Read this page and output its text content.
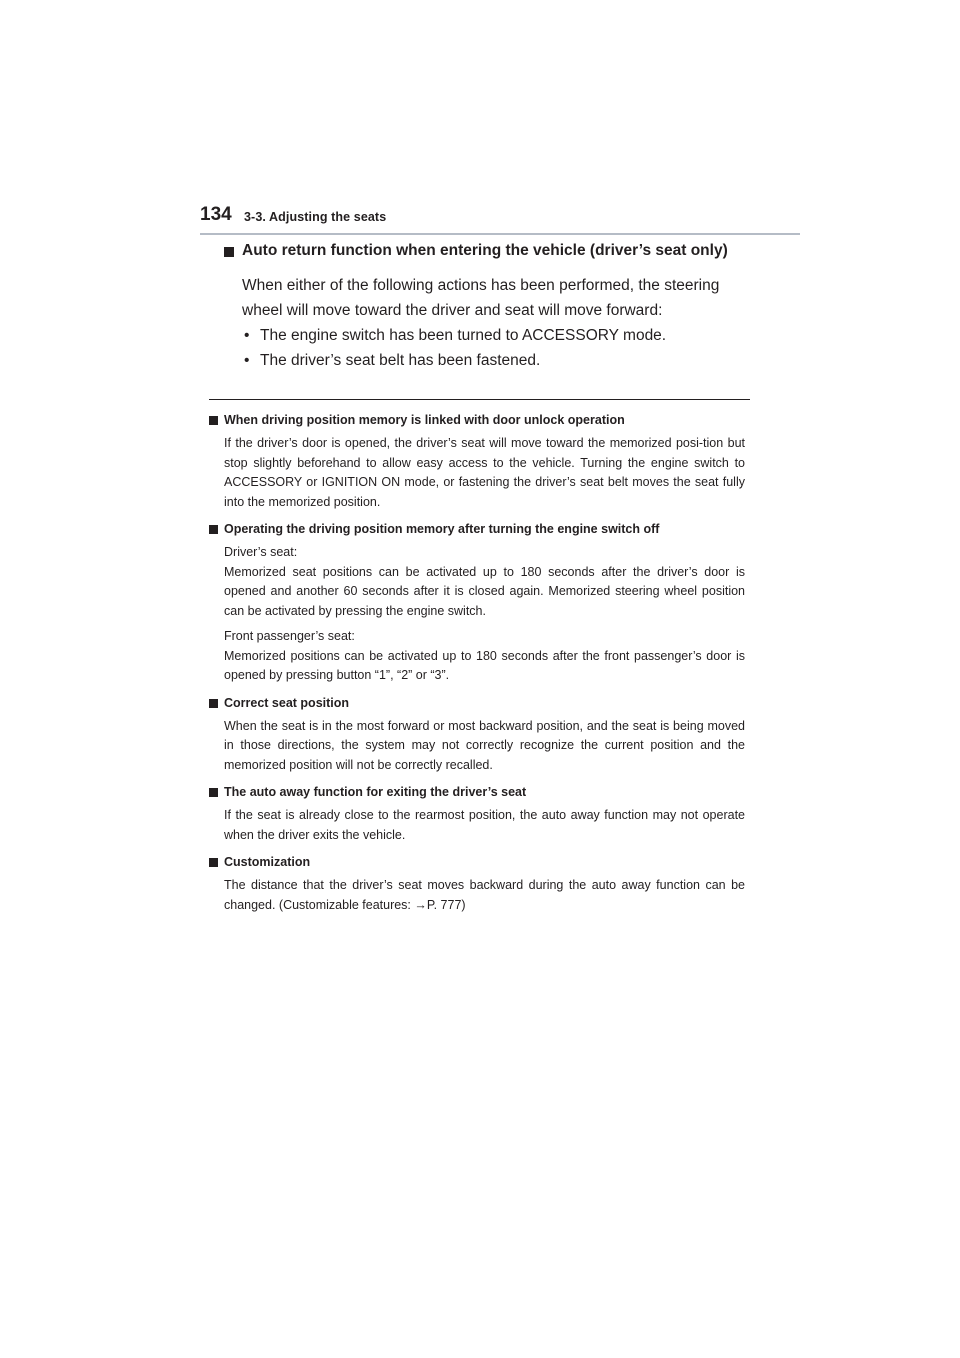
134 3-3. Adjusting the seats
Auto return function when entering the vehicle (driver’s seat only)
When either of the following actions has been performed, the steering wheel will move toward the driver and seat will move forward:
• The engine switch has been turned to ACCESSORY mode.
• The driver’s seat belt has been fastened.
When driving position memory is linked with door unlock operation

If the driver’s door is opened, the driver’s seat will move toward the memorized posi-tion but stop slightly beforehand to allow easy access to the vehicle. Turning the engine switch to ACCESSORY or IGNITION ON mode, or fastening the driver’s seat belt moves the seat fully into the memorized position.

Operating the driving position memory after turning the engine switch off

Driver’s seat:

Memorized seat positions can be activated up to 180 seconds after the driver’s door is opened and another 60 seconds after it is closed again. Memorized steering wheel position can be activated by pressing the engine switch.

Front passenger’s seat:

Memorized positions can be activated up to 180 seconds after the front passenger’s door is opened by pressing button “1”, “2” or “3”.

Correct seat position

When the seat is in the most forward or most backward position, and the seat is being moved in those directions, the system may not correctly recognize the current position and the memorized position will not be correctly recalled.

The auto away function for exiting the driver’s seat

If the seat is already close to the rearmost position, the auto away function may not operate when the driver exits the vehicle.

Customization

The distance that the driver’s seat moves backward during the auto away function can be changed. (Customizable features: →P. 777)
